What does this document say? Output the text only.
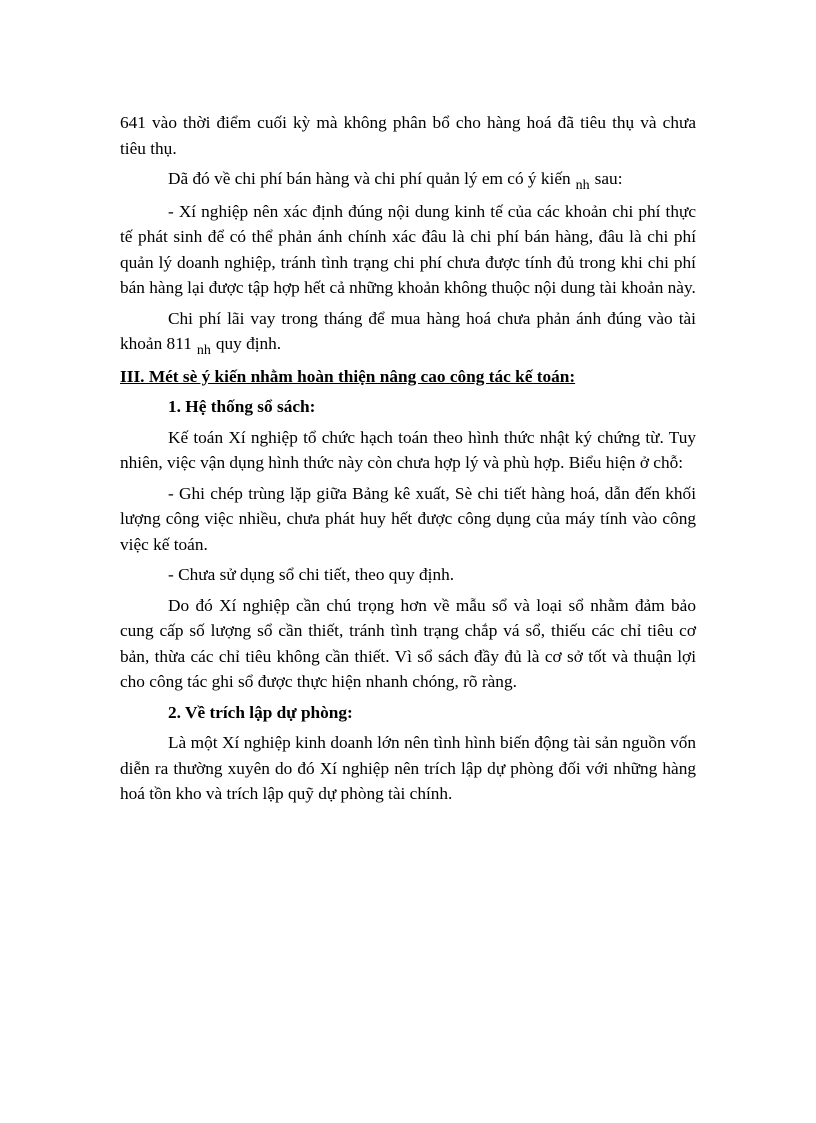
641 vào thời điểm cuối kỳ mà không phân bổ cho hàng hoá đã tiêu thụ và chưa tiêu thụ.

Dã đó về chi phí bán hàng và chi phí quản lý em có ý kiến $_{nh}$ sau:

- Xí nghiệp nên xác định đúng nội dung kinh tế của các khoản chi phí thực tế phát sinh để có thể phản ánh chính xác đâu là chi phí bán hàng, đâu là chi phí quản lý doanh nghiệp, tránh tình trạng chi phí chưa được tính đủ trong khi chi phí bán hàng lại được tập hợp hết cả những khoản không thuộc nội dung tài khoản này.

Chi phí lãi vay trong tháng để mua hàng hoá chưa phản ánh đúng vào tài khoản 811 $_{nh}$ quy định.

III. Mét sè ý kiến nhằm hoàn thiện nâng cao công tác kế toán:
1. Hệ thống sổ sách:

Kế toán Xí nghiệp tổ chức hạch toán theo hình thức nhật ký chứng từ. Tuy nhiên, việc vận dụng hình thức này còn chưa hợp lý và phù hợp. Biểu hiện ở chỗ:

- Ghi chép trùng lặp giữa Bảng kê xuất, Sè chi tiết hàng hoá, dẫn đến khối lượng công việc nhiều, chưa phát huy hết được công dụng của máy tính vào công việc kế toán.

- Chưa sử dụng sổ chi tiết, theo quy định.

Do đó Xí nghiệp cần chú trọng hơn về mẫu sổ và loại sổ nhằm đảm bảo cung cấp số lượng sổ cần thiết, tránh tình trạng chắp vá sổ, thiếu các chỉ tiêu cơ bản, thừa các chỉ tiêu không cần thiết. Vì sổ sách đầy đủ là cơ sở tốt và thuận lợi cho công tác ghi sổ được thực hiện nhanh chóng, rõ ràng.

2. Về trích lập dự phòng:

Là một Xí nghiệp kinh doanh lớn nên tình hình biến động tài sản nguồn vốn diễn ra thường xuyên do đó Xí nghiệp nên trích lập dự phòng đối với những hàng hoá tồn kho và trích lập quỹ dự phòng tài chính.
